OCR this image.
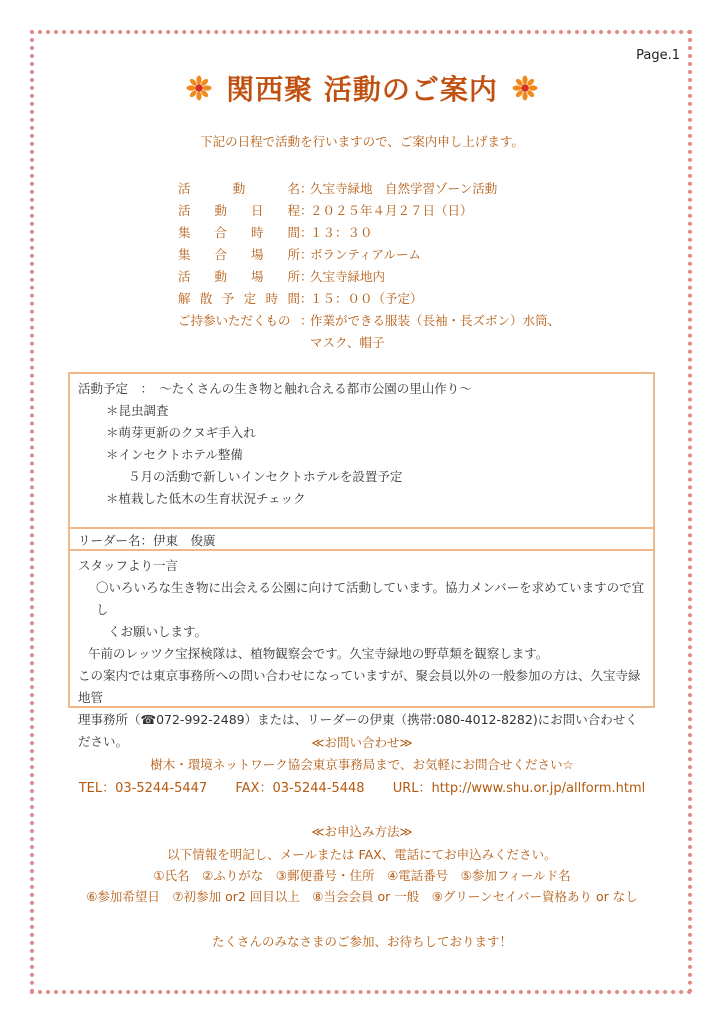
Page.1
関西聚 活動のご案内
下記の日程で活動を行いますので、ご案内申し上げます。
活	動	名 ：
久宝寺緑地　自然学習ゾーン活動
活 動 日 程 ：
２０２５年４月２７日（日）
集 合 時 間 ：
１３：３０
集 合 場 所 ：
ボランティアルーム
活 動 場 所 ：
久宝寺緑地内
解 散 予 定 時 間 ：
１５：００（予定）
ご持参いただくもの ：
作業ができる服装（長袖・長ズボン）水筒、
マスク、帽子
活動予定　：　～たくさんの生き物と触れ合える都市公園の里山作り～
＊昆虫調査
＊萌芽更新のクヌギ手入れ
＊インセクトホテル整備
５月の活動で新しいインセクトホテルを設置予定
＊植栽した低木の生育状況チェック
リーダー名：伊東　俊廣
スタッフより一言
〇いろいろな生き物に出会える公園に向けて活動しています。協力メンバーを求めていますので宜し
くお願いします。
午前のレッツク宝探検隊は、植物観察会です。久宝寺緑地の野草類を観察します。
この案内では東京事務所への問い合わせになっていますが、聚会員以外の一般参加の方は、久宝寺緑地管
理事務所（☎072-992-2489）または、リーダーの伊東（携帯:080-4012-8282)にお問い合わせく
ださい。	≪お問い合わせ≫
樹木・環境ネットワーク協会東京事務局まで、お気軽にお問合せください☆
TEL：03-5244-5447 FAX：03-5244-5448 URL：http://www.shu.or.jp/allform.html
≪お申込み方法≫
以下情報を明記し、メールまたは FAX、電話にてお申込みください。
①氏名　②ふりがな　③郵便番号・住所　④電話番号　⑤参加フィールド名
⑥参加希望日　⑦初参加 or2 回目以上　⑧当会会員 or 一般　⑨グリーンセイバー資格あり or なし
たくさんのみなさまのご参加、お待ちしております！
